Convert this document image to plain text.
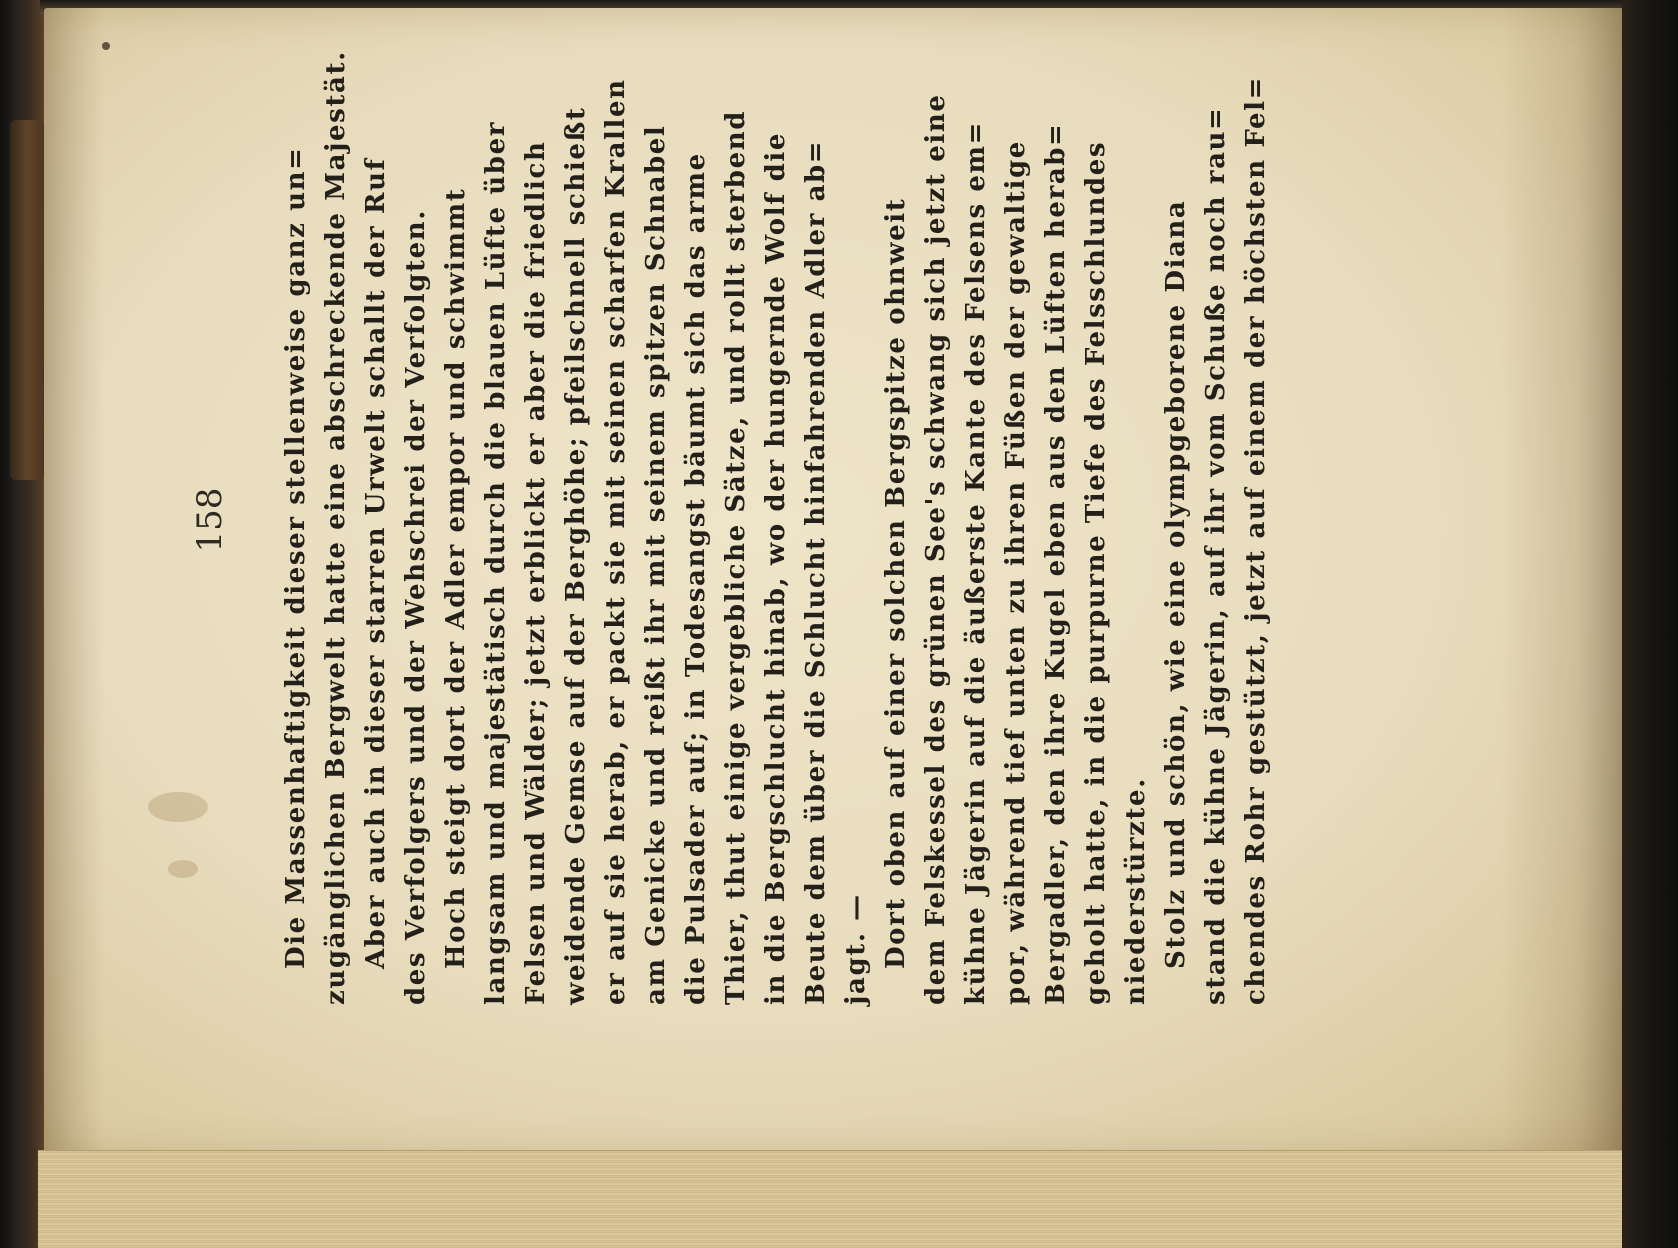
158 Die Massenhaftigkeit dieser stellenweise ganz un= zugänglichen Bergwelt hatte eine abschreckende Majestät. Aber auch in dieser starren Urwelt schallt der Ruf des Verfolgers und der Wehschrei der Verfolgten. Hoch steigt dort der Adler empor und schwimmt langsam und majestätisch durch die blauen Lüfte über Felsen und Wälder; jetzt erblickt er aber die friedlich weidende Gemse auf der Berghöhe; pfeilschnell schießt er auf sie herab, er packt sie mit seinen scharfen Krallen am Genicke und reißt ihr mit seinem spitzen Schnabel die Pulsader auf; in Todesangst bäumt sich das arme Thier, thut einige vergebliche Sätze, und rollt sterbend in die Bergschlucht hinab, wo der hungernde Wolf die Beute dem über die Schlucht hinfahrenden Adler ab= jagt. — Dort oben auf einer solchen Bergspitze ohnweit dem Felskessel des grünen See's schwang sich jetzt eine kühne Jägerin auf die äußerste Kante des Felsens em= por, während tief unten zu ihren Füßen der gewaltige Bergadler, den ihre Kugel eben aus den Lüften herab= geholt hatte, in die purpurne Tiefe des Felsschlundes niederstürzte. Stolz und schön, wie eine olympgeborene Diana stand die kühne Jägerin, auf ihr vom Schuße noch rau= chendes Rohr gestützt, jetzt auf einem der höchsten Fel=
